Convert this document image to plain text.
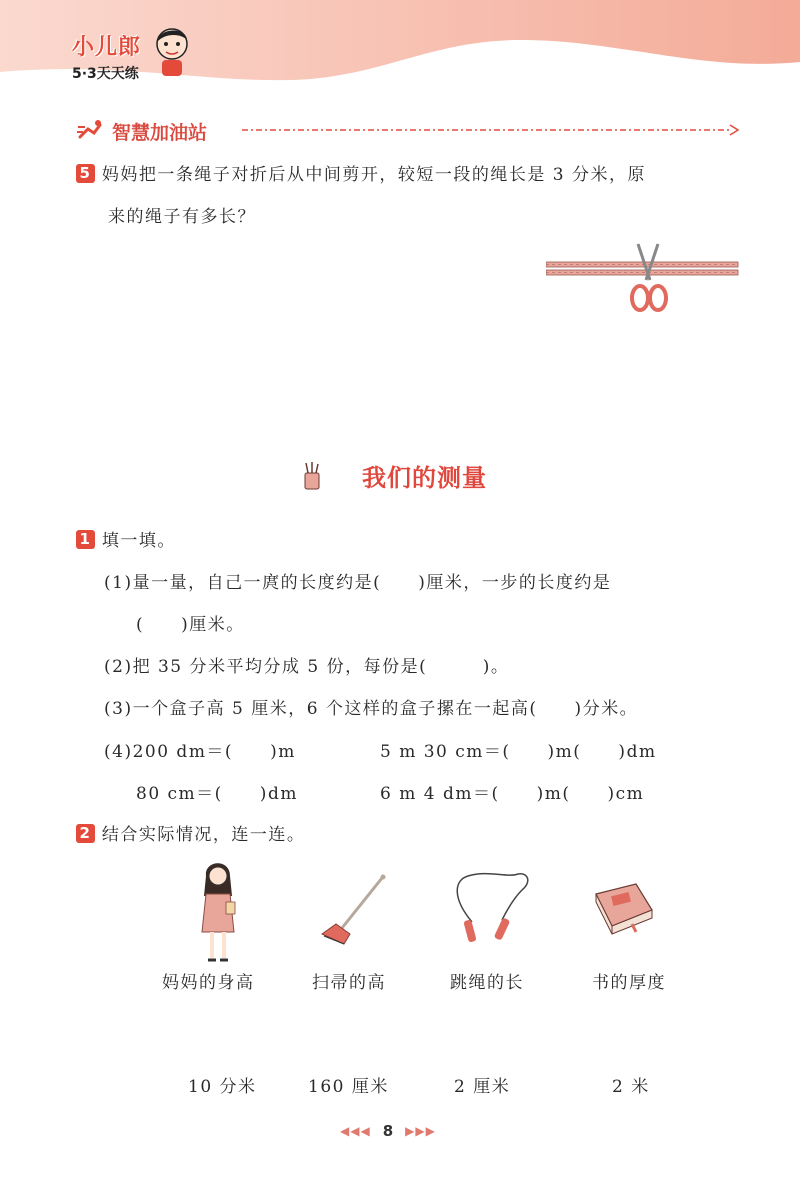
小儿郎
5·3天天练
智慧加油站
5 妈妈把一条绳子对折后从中间剪开，较短一段的绳长是 3 分米，原
来的绳子有多长？
我们的测量
1 填一填。
(1)量一量，自己一庹的长度约是(　　)厘米，一步的长度约是
(　　)厘米。
(2)把 35 分米平均分成 5 份，每份是(　　　)。
(3)一个盒子高 5 厘米，6 个这样的盒子摞在一起高(　　)分米。
(4)200 dm＝(　　)m	5 m 30 cm＝(　　)m(　　)dm
80 cm＝(　　)dm	6 m 4 dm＝(　　)m(　　)cm
2 结合实际情况，连一连。
妈妈的身高	扫帚的高	跳绳的长	书的厚度
10 分米	160 厘米	2 厘米	2 米
◀◀◀ 8 ▶▶▶
